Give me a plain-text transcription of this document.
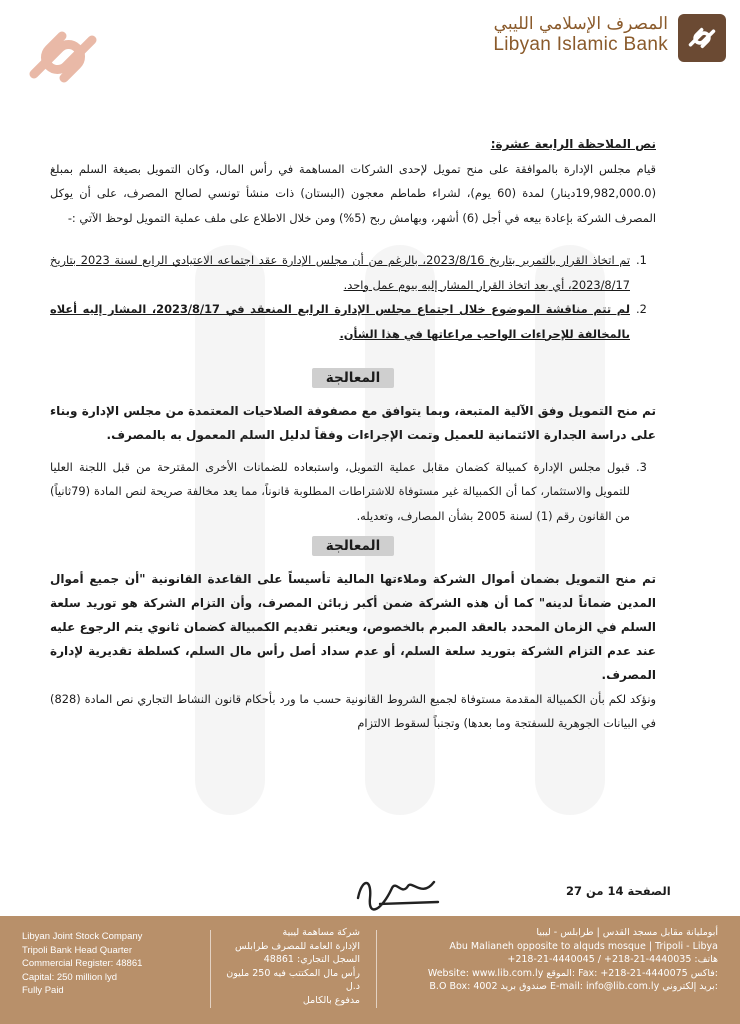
المصرف الإسلامي الليبي
Libyan Islamic Bank
نص الملاحظة الرابعة عشرة:

قيام مجلس الإدارة بالموافقة على منح تمويل لإحدى الشركات المساهمة في رأس المال، وكان التمويل بصيغة السلم بمبلغ (19,982,000.0دينار) لمدة (60 يوم)، لشراء طماطم معجون (البستان) ذات منشأ تونسي لصالح المصرف، على أن يوكل المصرف الشركة بإعادة بيعه في أجل (6) أشهر، وبهامش ربح (5%) ومن خلال الاطلاع على ملف عملية التمويل لوحظ الآتي :-

1.
تم اتخاذ القرار بالتمرير بتاريخ 2023/8/16، بالرغم من أن مجلس الإدارة عقد اجتماعه الاعتيادي الرابع لسنة 2023 بتاريخ 2023/8/17، أي بعد اتخاذ القرار المشار إليه بيوم عمل واحد.
2.
لم تتم مناقشة الموضوع خلال اجتماع مجلس الإدارة الرابع المنعقد في 2023/8/17، المشار إليه أعلاه بالمخالفة للإجراءات الواجب مراعاتها في هذا الشأن.
المعالجة

تم منح التمويل وفق الآلية المتبعة، وبما يتوافق مع مصفوفة الصلاحيات المعتمدة من مجلس الإدارة وبناء على دراسة الجدارة الائتمانية للعميل وتمت الإجراءات وفقاً لدليل السلم المعمول به بالمصرف.

3.
قبول مجلس الإدارة كمبيالة كضمان مقابل عملية التمويل، واستبعاده للضمانات الأخرى المقترحة من قبل اللجنة العليا للتمويل والاستثمار، كما أن الكمبيالة غير مستوفاة للاشتراطات المطلوبة قانوناً، مما يعد مخالفة صريحة لنص المادة (79ثانياً) من القانون رقم (1) لسنة 2005 بشأن المصارف، وتعديله.
المعالجة

تم منح التمويل بضمان أموال الشركة وملاءتها المالية تأسيساً على القاعدة القانونية "أن جميع أموال المدين ضماناً لدينه" كما أن هذه الشركة ضمن أكبر زبائن المصرف، وأن التزام الشركة هو توريد سلعة السلم في الزمان المحدد بالعقد المبرم بالخصوص، ويعتبر تقديم الكمبيالة كضمان ثانوي يتم الرجوع عليه عند عدم التزام الشركة بتوريد سلعة السلم، أو عدم سداد أصل رأس مال السلم، كسلطة تقديرية لإدارة المصرف.

ونؤكد لكم بأن الكمبيالة المقدمة مستوفاة لجميع الشروط القانونية حسب ما ورد بأحكام قانون النشاط التجاري نص المادة (828) في البيانات الجوهرية للسفتجة وما بعدها) وتجنباً لسقوط الالتزام

الصفحة 14 من 27
Libyan Joint Stock Company
Tripoli Bank Head Quarter
Commercial Register: 48861
Capital: 250 million lyd
Fully Paid
شركة مساهمة ليبية
الإدارة العامة للمصرف طرابلس
السجل التجاري: 48861
رأس مال المكتتب فيه 250 مليون د.ل
مدفوع بالكامل
أبومليانة مقابل مسجد القدس | طرابلس - ليبيا
Abu Malianeh opposite to alquds mosque | Tripoli - Libya
هاتف: 4440035-21-218+ / 4440045-21-218+
Website: www.lib.com.ly الموقع: Fax: +218-21-4440075 فاكس:
B.O Box: 4002 صندوق بريد E-mail: info@lib.com.ly بريد إلكتروني:
